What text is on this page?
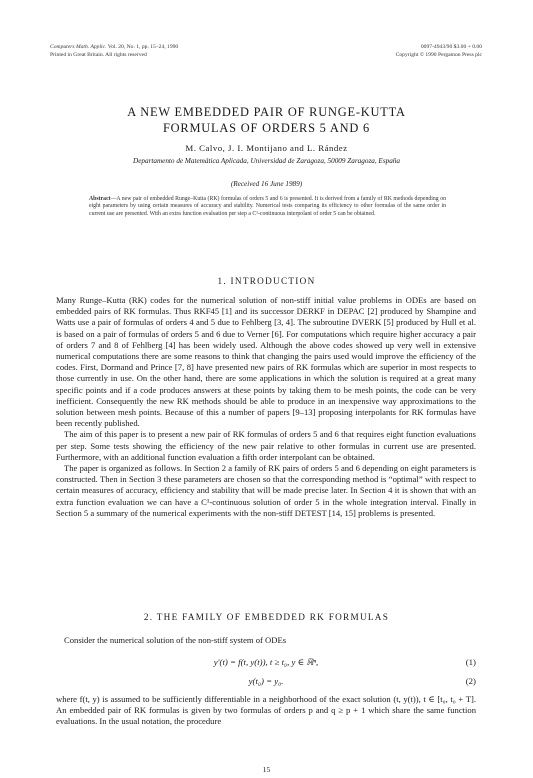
Computers Math. Applic. Vol. 20, No. 1, pp. 15–24, 1990
Printed in Great Britain. All rights reserved
0097-4943/90 $3.00 + 0.00
Copyright © 1990 Pergamon Press plc
A NEW EMBEDDED PAIR OF RUNGE-KUTTA
FORMULAS OF ORDERS 5 AND 6
M. Calvo, J. I. Montijano and L. Rández
Departamento de Matemática Aplicada, Universidad de Zaragoza, 50009 Zaragoza, España
(Received 16 June 1989)
Abstract—A new pair of embedded Runge–Kutta (RK) formulas of orders 5 and 6 is presented. It is derived from a family of RK methods depending on eight parameters by using certain measures of accuracy and stability. Numerical tests comparing its efficiency to other formulas of the same order in current use are presented. With an extra function evaluation per step a C¹-continuous interpolant of order 5 can be obtained.
1. INTRODUCTION

Many Runge–Kutta (RK) codes for the numerical solution of non-stiff initial value problems in ODEs are based on embedded pairs of RK formulas. Thus RKF45 [1] and its successor DERKF in DEPAC [2] produced by Shampine and Watts use a pair of formulas of orders 4 and 5 due to Fehlberg [3, 4]. The subroutine DVERK [5] produced by Hull et al. is based on a pair of formulas of orders 5 and 6 due to Verner [6]. For computations which require higher accuracy a pair of orders 7 and 8 of Fehlberg [4] has been widely used. Although the above codes showed up very well in extensive numerical computations there are some reasons to think that changing the pairs used would improve the efficiency of the codes. First, Dormand and Prince [7, 8] have presented new pairs of RK formulas which are superior in most respects to those currently in use. On the other hand, there are some applications in which the solution is required at a great many specific points and if a code produces answers at these points by taking them to be mesh points, the code can be very inefficient. Consequently the new RK methods should be able to produce in an inexpensive way approximations to the solution between mesh points. Because of this a number of papers [9–13] proposing interpolants for RK formulas have been recently published.

The aim of this paper is to present a new pair of RK formulas of orders 5 and 6 that requires eight function evaluations per step. Some tests showing the efficiency of the new pair relative to other formulas in current use are presented. Furthermore, with an additional function evaluation a fifth order interpolant can be obtained.

The paper is organized as follows. In Section 2 a family of RK pairs of orders 5 and 6 depending on eight parameters is constructed. Then in Section 3 these parameters are chosen so that the corresponding method is “optimal” with respect to certain measures of accuracy, efficiency and stability that will be made precise later. In Section 4 it is shown that with an extra function evaluation we can have a C¹-continuous solution of order 5 in the whole integration interval. Finally in Section 5 a summary of the numerical experiments with the non-stiff DETEST [14, 15] problems is presented.

2. THE FAMILY OF EMBEDDED RK FORMULAS
Consider the numerical solution of the non-stiff system of ODEs
y′(t) = f(t, y(t)), t ≥ t₀, y ∈ ℝⁿ,	(1)
y(t₀) = y₀.	(2)
where f(t, y) is assumed to be sufficiently differentiable in a neighborhood of the exact solution (t, y(t)), t ∈ [t₀, t₀ + T]. An embedded pair of RK formulas is given by two formulas of orders p and q ≥ p + 1 which share the same function evaluations. In the usual notation, the procedure
15
